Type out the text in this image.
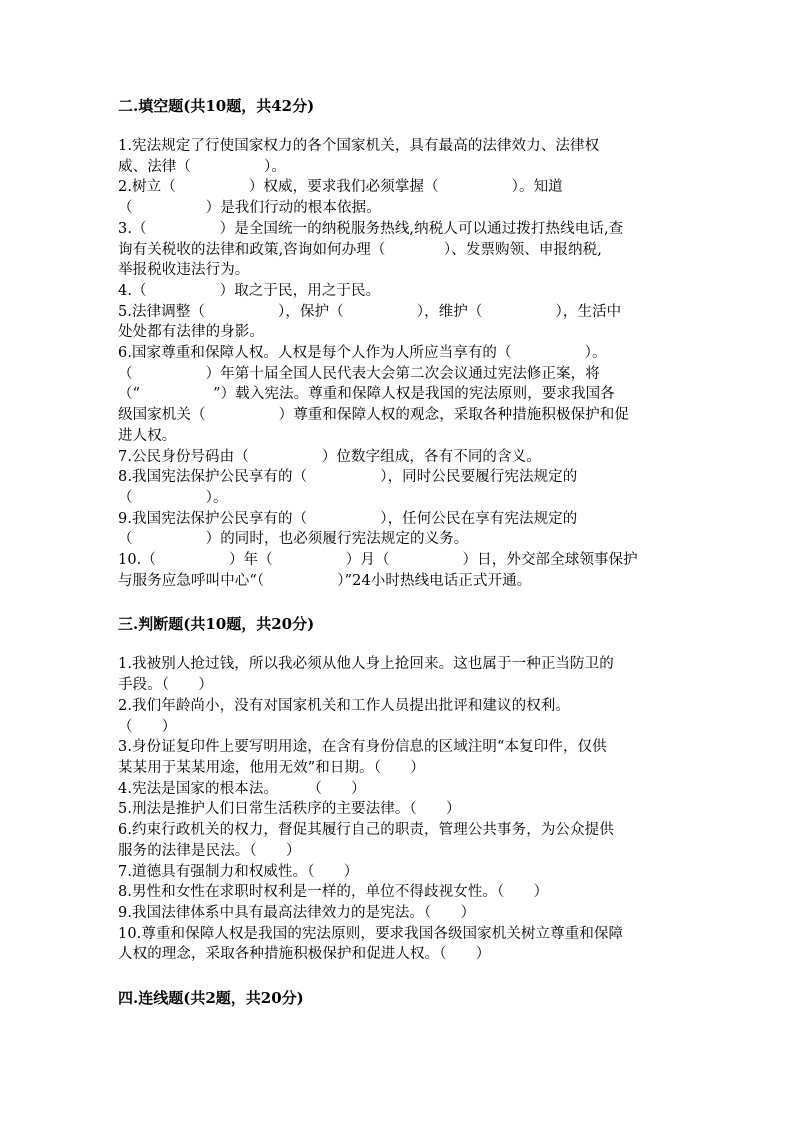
二.填空题(共10题，共42分)
1.宪法规定了行使国家权力的各个国家机关，具有最高的法律效力、法律权
威、法律（　　　　　）。
2.树立（　　　　　）权威，要求我们必须掌握（　　　　　）。知道
（　　　　　）是我们行动的根本依据。
3.（　　　　　）是全国统一的纳税服务热线,纳税人可以通过拨打热线电话,查
询有关税收的法律和政策,咨询如何办理（　　　　）、发票购领、申报纳税,
举报税收违法行为。
4.（　　　　　）取之于民，用之于民。
5.法律调整（　　　　　），保护（　　　　　），维护（　　　　　），生活中
处处都有法律的身影。
6.国家尊重和保障人权。人权是每个人作为人所应当享有的（　　　　　）。
（　　　　　）年第十届全国人民代表大会第二次会议通过宪法修正案，将
（“　　　　　”）载入宪法。尊重和保障人权是我国的宪法原则，要求我国各
级国家机关（　　　　　）尊重和保障人权的观念，采取各种措施积极保护和促
进人权。
7.公民身份号码由（　　　　　）位数字组成，各有不同的含义。
8.我国宪法保护公民享有的（　　　　　），同时公民要履行宪法规定的
（　　　　　）。
9.我国宪法保护公民享有的（　　　　　），任何公民在享有宪法规定的
（　　　　　）的同时，也必须履行宪法规定的义务。
10.（　　　　　）年（　　　　　）月（　　　　　）日，外交部全球领事保护
与服务应急呼叫中心“（　　　　　）”24小时热线电话正式开通。
三.判断题(共10题，共20分)
1.我被别人抢过钱，所以我必须从他人身上抢回来。这也属于一种正当防卫的
手段。（　　）
2.我们年龄尚小，没有对国家机关和工作人员提出批评和建议的权利。
（　　）
3.身份证复印件上要写明用途，在含有身份信息的区域注明“本复印件，仅供
某某用于某某用途，他用无效”和日期。（　　）
4.宪法是国家的根本法。　　　（　　）
5.刑法是推护人们日常生活秩序的主要法律。（　　）
6.约束行政机关的权力，督促其履行自己的职责，管理公共事务，为公众提供
服务的法律是民法。（　　）
7.道德具有强制力和权威性。（　　）
8.男性和女性在求职时权利是一样的，单位不得歧视女性。（　　）
9.我国法律体系中具有最高法律效力的是宪法。（　　）
10.尊重和保障人权是我国的宪法原则，要求我国各级国家机关树立尊重和保障
人权的理念，采取各种措施积极保护和促进人权。（　　）
四.连线题(共2题，共20分)
